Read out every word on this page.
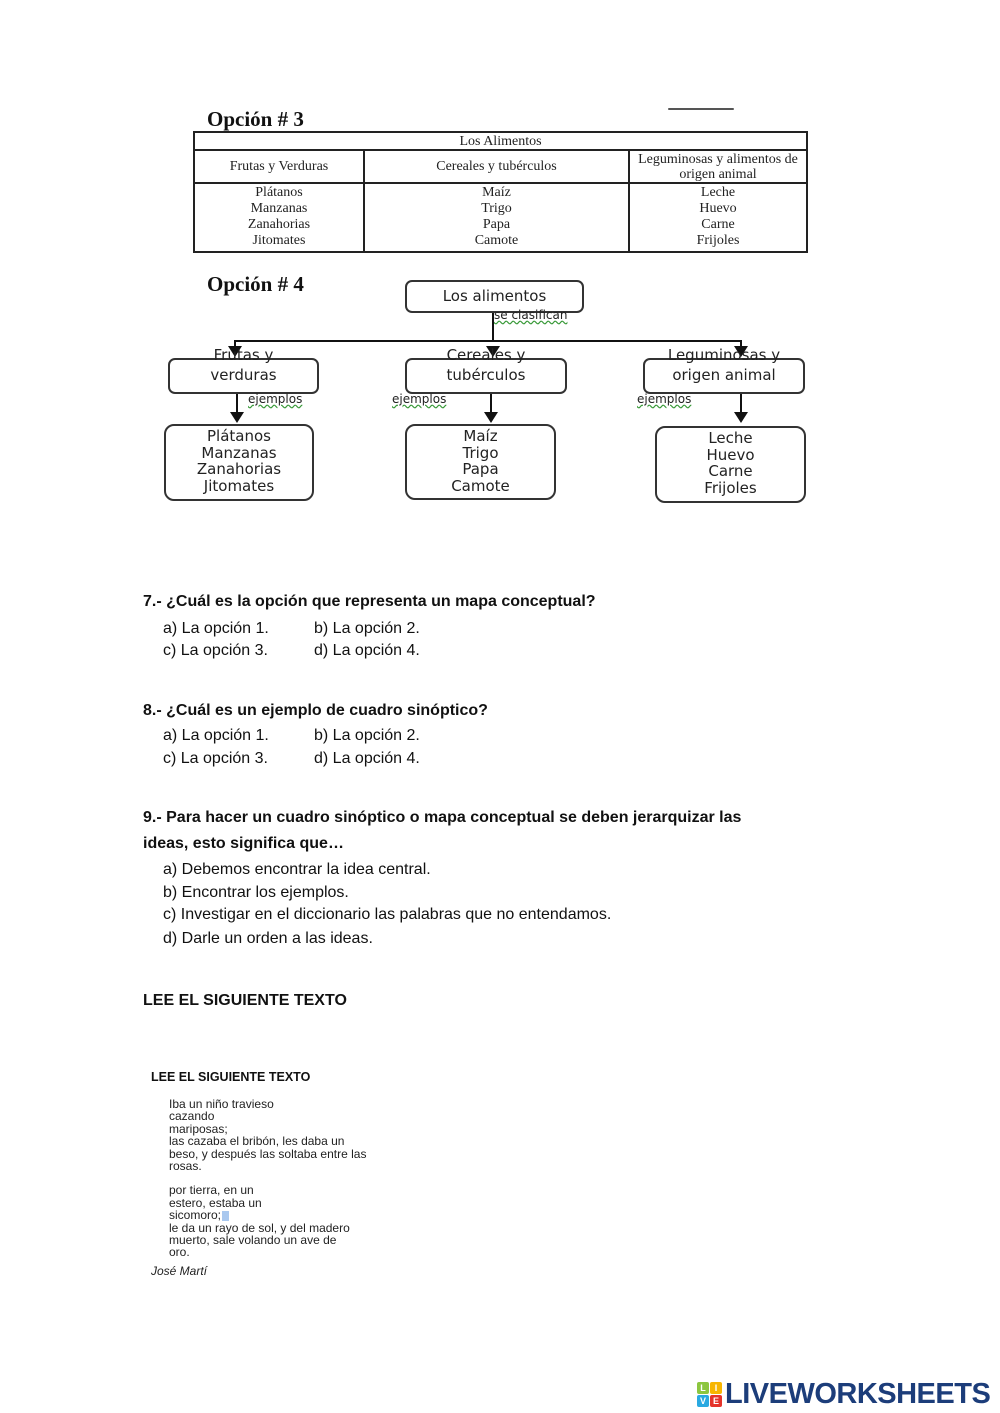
Opción # 3
Los Alimentos		
Frutas y Verduras	Cereales y tubérculos	Leguminosas y alimentos de origen animal

Plátanos
Manzanas
Zanahorias
Jitomates

Maíz
Trigo
Papa
Camote

Leche
Huevo
Carne
Frijoles
Opción # 4	Los alimentos
se clasifican
verduras
Frutas y
ejemplos
Plátanos
Manzanas
Zanahorias
Jitomates
tubérculos
Cereales y
ejemplos
Maíz
Trigo
Papa
Camote
origen animal
Leguminosas y
ejemplos
Leche
Huevo
Carne
Frijoles
7.- ¿Cuál es la opción que representa un mapa conceptual?
a) La opción 1.	b) La opción 2.
c) La opción 3.	d) La opción 4.
8.- ¿Cuál es un ejemplo de cuadro sinóptico?
a) La opción 1.	b) La opción 2.
c) La opción 3.	d) La opción 4.
9.- Para hacer un cuadro sinóptico o mapa conceptual se deben jerarquizar las
ideas, esto significa que…
a) Debemos encontrar la idea central.
b) Encontrar los ejemplos.
c) Investigar en el diccionario las palabras que no entendamos.
d) Darle un orden a las ideas.
LEE EL SIGUIENTE TEXTO
LEE EL SIGUIENTE TEXTO
Iba un niño travieso
cazando
mariposas;
las cazaba el bribón, les daba un
beso, y después las soltaba entre las
rosas.
por tierra, en un
estero, estaba un
sicomoro;
le da un rayo de sol, y del madero
muerto, sale volando un ave de
oro.
José Martí
L I
V E LIVEWORKSHEETS
